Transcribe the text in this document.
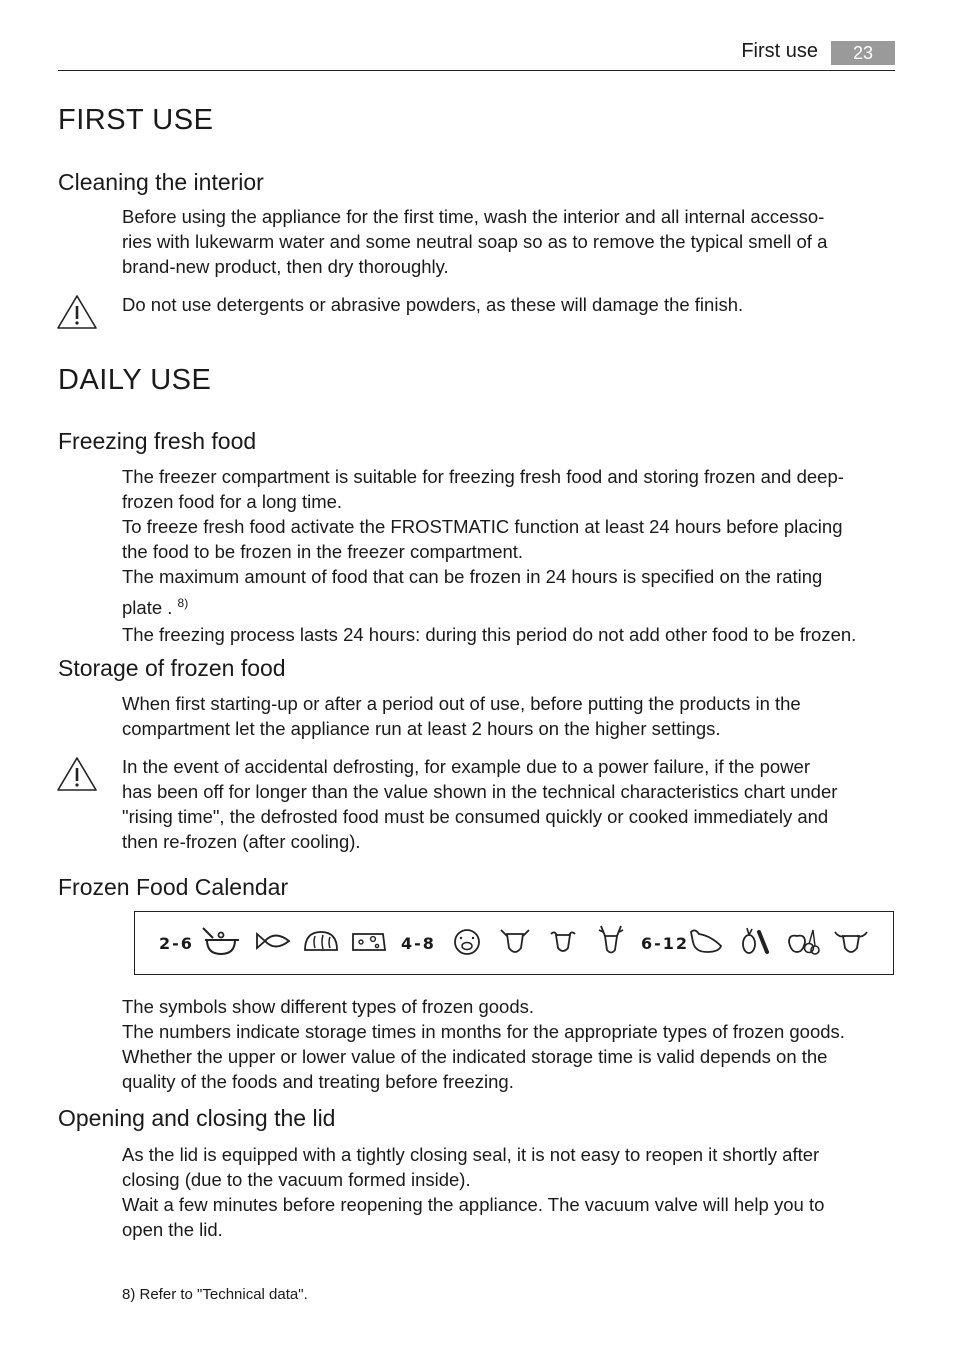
First use	23
FIRST USE
Cleaning the interior
Before using the appliance for the first time, wash the interior and all internal accesso-
ries with lukewarm water and some neutral soap so as to remove the typical smell of a
brand-new product, then dry thoroughly.
Do not use detergents or abrasive powders, as these will damage the finish.
DAILY USE
Freezing fresh food
The freezer compartment is suitable for freezing fresh food and storing frozen and deep-
frozen food for a long time.
To freeze fresh food activate the FROSTMATIC function at least 24 hours before placing
the food to be frozen in the freezer compartment.
The maximum amount of food that can be frozen in 24 hours is specified on the rating
plate . $^{8)}$
The freezing process lasts 24 hours: during this period do not add other food to be frozen.
Storage of frozen food
When first starting-up or after a period out of use, before putting the products in the
compartment let the appliance run at least 2 hours on the higher settings.
In the event of accidental defrosting, for example due to a power failure, if the power
has been off for longer than the value shown in the technical characteristics chart under
"rising time", the defrosted food must be consumed quickly or cooked immediately and
then re-frozen (after cooling).
Frozen Food Calendar
2-6	4-8	6-12
The symbols show different types of frozen goods.
The numbers indicate storage times in months for the appropriate types of frozen goods.
Whether the upper or lower value of the indicated storage time is valid depends on the
quality of the foods and treating before freezing.
Opening and closing the lid
As the lid is equipped with a tightly closing seal, it is not easy to reopen it shortly after
closing (due to the vacuum formed inside).
Wait a few minutes before reopening the appliance. The vacuum valve will help you to
open the lid.
8) Refer to "Technical data".
